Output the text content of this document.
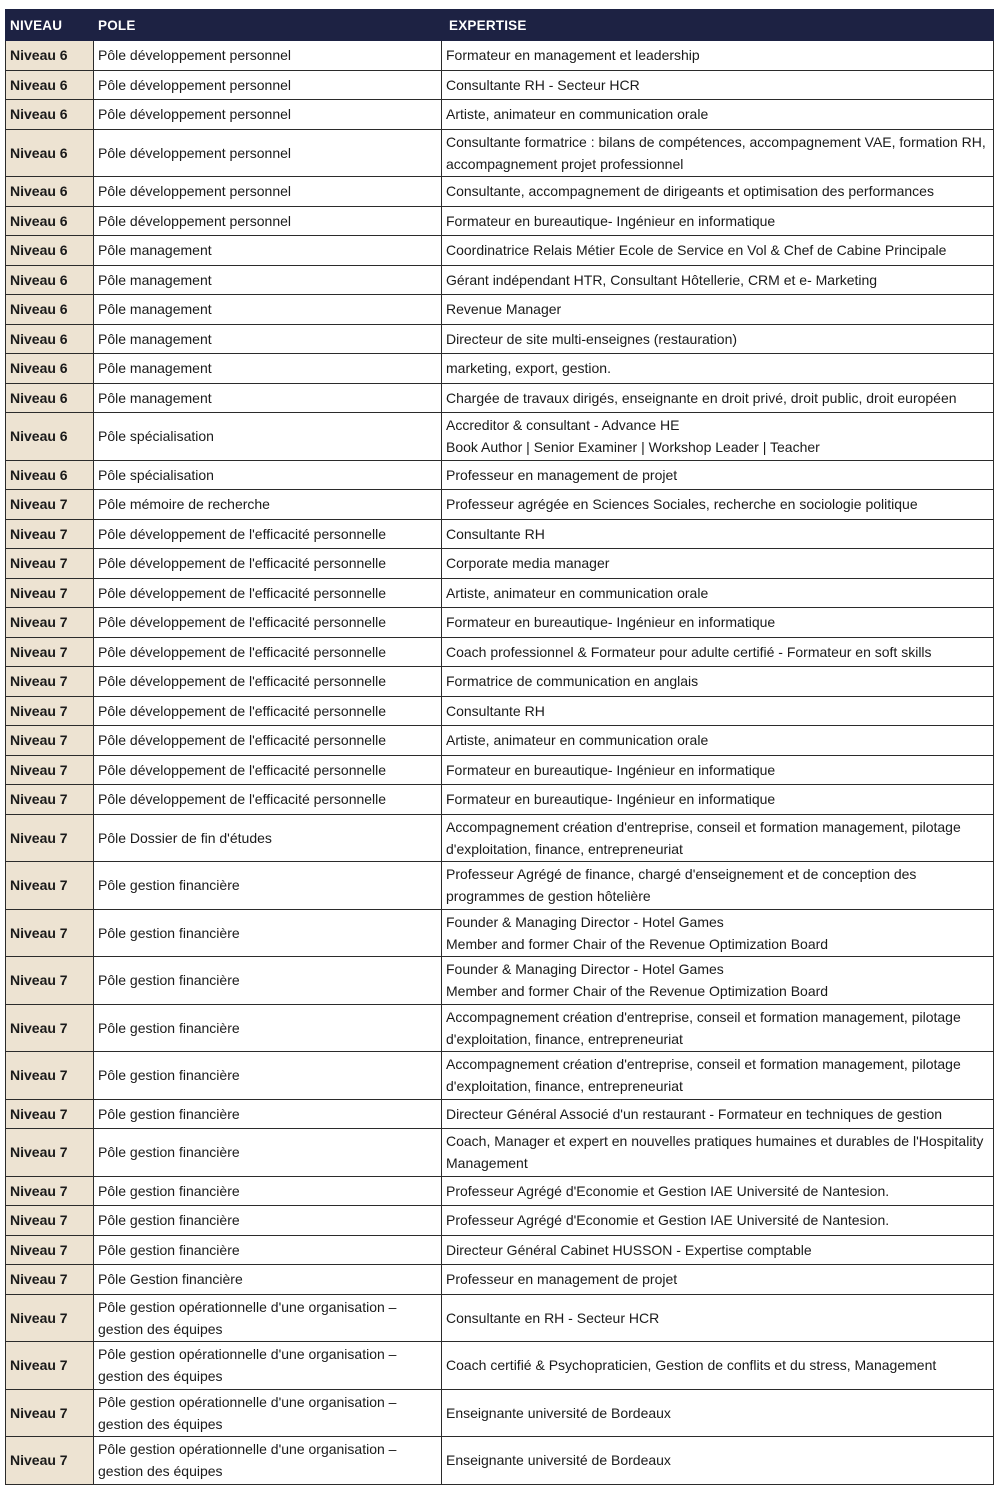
NIVEAU	POLE	EXPERTISE
Niveau 6	Pôle développement personnel	Formateur en management et leadership
Niveau 6	Pôle développement personnel	Consultante RH - Secteur HCR
Niveau 6	Pôle développement personnel	Artiste, animateur en communication orale
Niveau 6	Pôle développement personnel	Consultante formatrice : bilans de compétences, accompagnement VAE, formation RH, accompagnement projet professionnel
Niveau 6	Pôle développement personnel	Consultante, accompagnement de dirigeants et optimisation des performances
Niveau 6	Pôle développement personnel	Formateur en bureautique- Ingénieur en informatique
Niveau 6	Pôle management	Coordinatrice Relais Métier Ecole de Service en Vol & Chef de Cabine Principale
Niveau 6	Pôle management	Gérant indépendant HTR, Consultant Hôtellerie, CRM et e- Marketing
Niveau 6	Pôle management	Revenue Manager
Niveau 6	Pôle management	Directeur de site multi-enseignes (restauration)
Niveau 6	Pôle management	marketing, export, gestion.
Niveau 6	Pôle management	Chargée de travaux dirigés, enseignante en droit privé, droit public, droit européen
Niveau 6	Pôle spécialisation	Accreditor & consultant - Advance HE
Book Author | Senior Examiner | Workshop Leader | Teacher

Niveau 6	Pôle spécialisation	Professeur en management de projet
Niveau 7	Pôle mémoire de recherche	Professeur agrégée en Sciences Sociales, recherche en sociologie politique
Niveau 7	Pôle développement de l'efficacité personnelle	Consultante RH
Niveau 7	Pôle développement de l'efficacité personnelle	Corporate media manager
Niveau 7	Pôle développement de l'efficacité personnelle	Artiste, animateur en communication orale
Niveau 7	Pôle développement de l'efficacité personnelle	Formateur en bureautique- Ingénieur en informatique
Niveau 7	Pôle développement de l'efficacité personnelle	Coach professionnel & Formateur pour adulte certifié - Formateur en soft skills
Niveau 7	Pôle développement de l'efficacité personnelle	Formatrice de communication en anglais
Niveau 7	Pôle développement de l'efficacité personnelle	Consultante RH
Niveau 7	Pôle développement de l'efficacité personnelle	Artiste, animateur en communication orale
Niveau 7	Pôle développement de l'efficacité personnelle	Formateur en bureautique- Ingénieur en informatique
Niveau 7	Pôle développement de l'efficacité personnelle	Formateur en bureautique- Ingénieur en informatique
Niveau 7	Pôle Dossier de fin d'études	Accompagnement création d'entreprise, conseil et formation management, pilotage d'exploitation, finance, entrepreneuriat
Niveau 7	Pôle gestion financière	Professeur Agrégé de finance, chargé d'enseignement et de conception des programmes de gestion hôtelière
Niveau 7	Pôle gestion financière	Founder & Managing Director - Hotel Games
Member and former Chair of the Revenue Optimization Board

Niveau 7	Pôle gestion financière	Founder & Managing Director - Hotel Games
Member and former Chair of the Revenue Optimization Board

Niveau 7	Pôle gestion financière	Accompagnement création d'entreprise, conseil et formation management, pilotage d'exploitation, finance, entrepreneuriat
Niveau 7	Pôle gestion financière	Accompagnement création d'entreprise, conseil et formation management, pilotage d'exploitation, finance, entrepreneuriat
Niveau 7	Pôle gestion financière	Directeur Général Associé d'un restaurant - Formateur en techniques de gestion
Niveau 7	Pôle gestion financière	Coach, Manager et expert en nouvelles pratiques humaines et durables de l'Hospitality Management
Niveau 7	Pôle gestion financière	Professeur Agrégé d'Economie et Gestion IAE Université de Nantesion.
Niveau 7	Pôle gestion financière	Professeur Agrégé d'Economie et Gestion IAE Université de Nantesion.
Niveau 7	Pôle gestion financière	Directeur Général Cabinet HUSSON - Expertise comptable
Niveau 7	Pôle Gestion financière	Professeur en management de projet
Niveau 7	Pôle gestion opérationnelle d'une organisation – gestion des équipes	Consultante en RH - Secteur HCR
Niveau 7	Pôle gestion opérationnelle d'une organisation – gestion des équipes	Coach certifié & Psychopraticien, Gestion de conflits et du stress, Management
Niveau 7	Pôle gestion opérationnelle d'une organisation – gestion des équipes	Enseignante université de Bordeaux
Niveau 7	Pôle gestion opérationnelle d'une organisation – gestion des équipes	Enseignante université de Bordeaux
